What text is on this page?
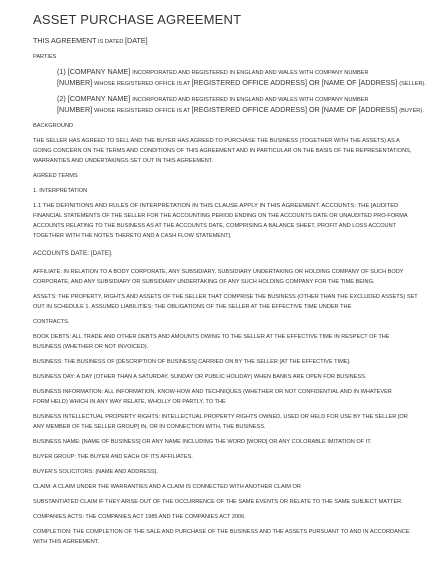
ASSET PURCHASE AGREEMENT
THIS AGREEMENT IS DATED [DATE]
PARTIES
(1) [COMPANY NAME] INCORPORATED AND REGISTERED IN ENGLAND AND WALES WITH COMPANY NUMBER
[NUMBER] WHOSE REGISTERED OFFICE IS AT [REGISTERED OFFICE ADDRESS] OR [NAME OF [ADDRESS] (SELLER).
(2) [COMPANY NAME] INCORPORATED AND REGISTERED IN ENGLAND AND WALES WITH COMPANY NUMBER
[NUMBER] WHOSE REGISTERED OFFICE IS AT [REGISTERED OFFICE ADDRESS] OR [NAME OF [ADDRESS] (BUYER).
BACKGROUND
THE SELLER HAS AGREED TO SELL AND THE BUYER HAS AGREED TO PURCHASE THE BUSINESS (TOGETHER WITH THE ASSETS) AS A
GOING CONCERN ON THE TERMS AND CONDITIONS OF THIS AGREEMENT AND IN PARTICULAR ON THE BASIS OF THE REPRESENTATIONS,
WARRANTIES AND UNDERTAKINGS SET OUT IN THIS AGREEMENT.
AGREED TERMS
1. INTERPRETATION
1.1 THE DEFINITIONS AND RULES OF INTERPRETATION IN THIS CLAUSE APPLY IN THIS AGREEMENT. ACCOUNTS: THE [AUDITED
FINANCIAL STATEMENTS OF THE SELLER FOR THE ACCOUNTING PERIOD ENDING ON THE ACCOUNTS DATE OR UNAUDITED PRO-FORMA
ACCOUNTS RELATING TO THE BUSINESS AS AT THE ACCOUNTS DATE, COMPRISING A BALANCE SHEET, PROFIT AND LOSS ACCOUNT
TOGETHER WITH THE NOTES THERETO AND A CASH FLOW STATEMENT].
ACCOUNTS DATE: [DATE].
AFFILIATE: IN RELATION TO A BODY CORPORATE, ANY SUBSIDIARY, SUBSIDIARY UNDERTAKING OR HOLDING COMPANY OF SUCH BODY
CORPORATE, AND ANY SUBSIDIARY OR SUBSIDIARY UNDERTAKING OF ANY SUCH HOLDING COMPANY FOR THE TIME BEING.
ASSETS: THE PROPERTY, RIGHTS AND ASSETS OF THE SELLER THAT COMPRISE THE BUSINESS (OTHER THAN THE EXCLUDED ASSETS) SET
OUT IN SCHEDULE 1. ASSUMED LIABILITIES: THE OBLIGATIONS OF THE SELLER AT THE EFFECTIVE TIME UNDER THE
CONTRACTS.
BOOK DEBTS: ALL TRADE AND OTHER DEBTS AND AMOUNTS OWING TO THE SELLER AT THE EFFECTIVE TIME IN RESPECT OF THE
BUSINESS (WHETHER OR NOT INVOICED).
BUSINESS: THE BUSINESS OF [DESCRIPTION OF BUSINESS] CARRIED ON BY THE SELLER [AT THE EFFECTIVE TIME].
BUSINESS DAY: A DAY (OTHER THAN A SATURDAY, SUNDAY OR PUBLIC HOLIDAY) WHEN BANKS ARE OPEN FOR BUSINESS.
BUSINESS INFORMATION: ALL INFORMATION, KNOW-HOW AND TECHNIQUES (WHETHER OR NOT CONFIDENTIAL AND IN WHATEVER
FORM HELD) WHICH IN ANY WAY RELATE, WHOLLY OR PARTLY, TO THE
BUSINESS INTELLECTUAL PROPERTY RIGHTS: INTELLECTUAL PROPERTY RIGHTS OWNED, USED OR HELD FOR USE BY THE SELLER [OR
ANY MEMBER OF THE SELLER GROUP] IN, OR IN CONNECTION WITH, THE BUSINESS.
BUSINESS NAME: [NAME OF BUSINESS] OR ANY NAME INCLUDING THE WORD [WORD] OR ANY COLORABLE IMITATION OF IT.
BUYER GROUP: THE BUYER AND EACH OF ITS AFFILIATES.
BUYER'S SOLICITORS: [NAME AND ADDRESS].
CLAIM: A CLAIM UNDER THE WARRANTIES AND A CLAIM IS CONNECTED WITH ANOTHER CLAIM OR
SUBSTANTIATED CLAIM IF THEY ARISE OUT OF THE OCCURRENCE OF THE SAME EVENTS OR RELATE TO THE SAME SUBJECT MATTER.
COMPANIES ACTS: THE COMPANIES ACT 1985 AND THE COMPANIES ACT 2006.
COMPLETION: THE COMPLETION OF THE SALE AND PURCHASE OF THE BUSINESS AND THE ASSETS PURSUANT TO AND IN ACCORDANCE
WITH THIS AGREEMENT.
